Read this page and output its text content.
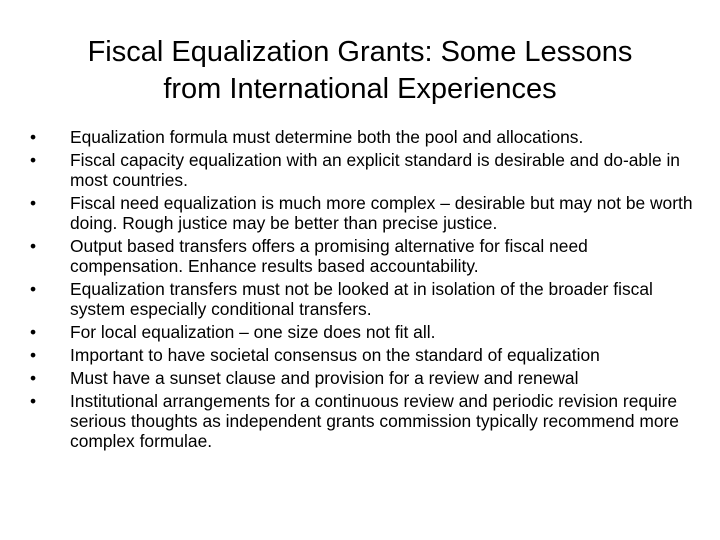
Fiscal Equalization Grants: Some Lessons
from International Experiences
•	Equalization formula must determine both the pool and allocations.
•	Fiscal capacity equalization with an explicit standard is desirable and do-able in most countries.
•	Fiscal need equalization is much more complex – desirable but may not be worth doing. Rough justice may be better than precise justice.
•	Output based transfers offers a promising alternative for fiscal need compensation. Enhance results based accountability.
•	Equalization transfers must not be looked at in isolation of the broader fiscal system especially conditional transfers.
•	For local equalization – one size does not fit all.
•	Important to have societal consensus on the standard of equalization
•	Must have a sunset clause and provision for a review and renewal
•	Institutional arrangements for a continuous review and periodic revision require serious thoughts as independent grants commission typically recommend more complex formulae.
